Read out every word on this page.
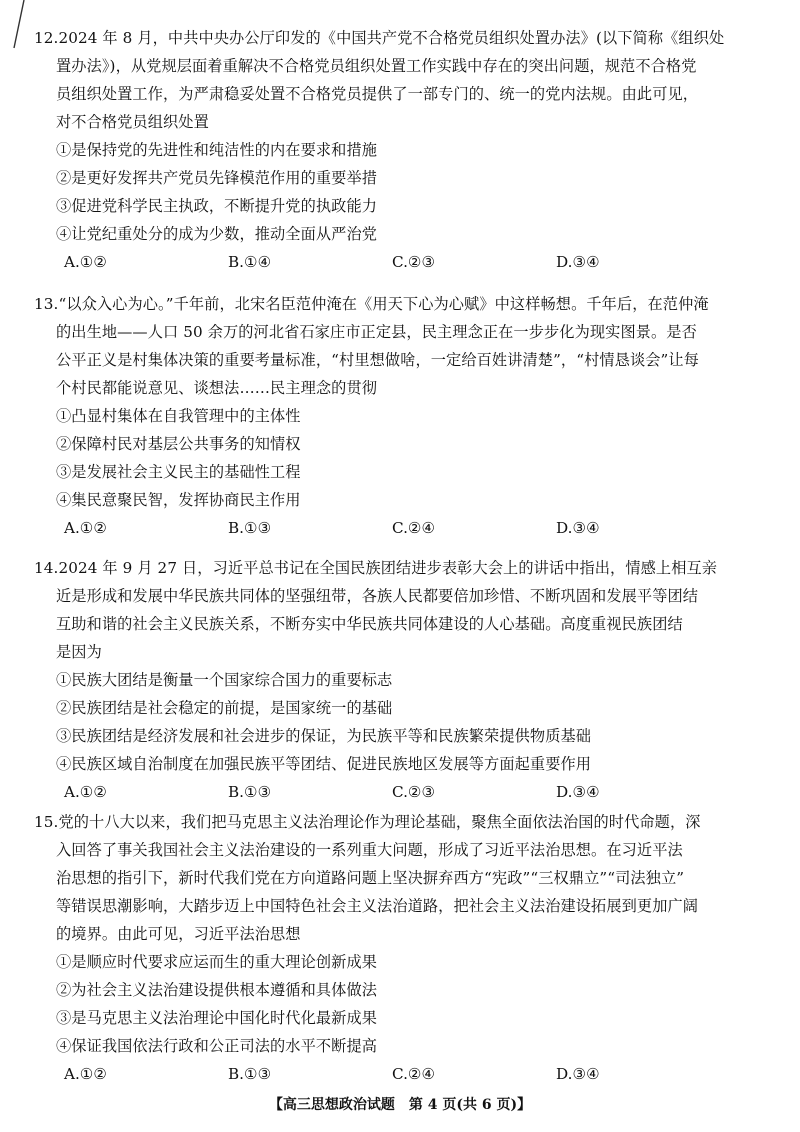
12.2024 年 8 月，中共中央办公厅印发的《中国共产党不合格党员组织处置办法》(以下简称《组织处
置办法》)，从党规层面着重解决不合格党员组织处置工作实践中存在的突出问题，规范不合格党
员组织处置工作，为严肃稳妥处置不合格党员提供了一部专门的、统一的党内法规。由此可见，
对不合格党员组织处置
①是保持党的先进性和纯洁性的内在要求和措施
②是更好发挥共产党员先锋模范作用的重要举措
③促进党科学民主执政，不断提升党的执政能力
④让党纪重处分的成为少数，推动全面从严治党
A.①②	B.①④	C.②③	D.③④
13.“以众入心为心。”千年前，北宋名臣范仲淹在《用天下心为心赋》中这样畅想。千年后，在范仲淹
的出生地——人口 50 余万的河北省石家庄市正定县，民主理念正在一步步化为现实图景。是否
公平正义是村集体决策的重要考量标准，“村里想做啥，一定给百姓讲清楚”，“村情恳谈会”让每
个村民都能说意见、谈想法……民主理念的贯彻
①凸显村集体在自我管理中的主体性
②保障村民对基层公共事务的知情权
③是发展社会主义民主的基础性工程
④集民意聚民智，发挥协商民主作用
A.①②	B.①③	C.②④	D.③④
14.2024 年 9 月 27 日，习近平总书记在全国民族团结进步表彰大会上的讲话中指出，情感上相互亲
近是形成和发展中华民族共同体的坚强纽带，各族人民都要倍加珍惜、不断巩固和发展平等团结
互助和谐的社会主义民族关系，不断夯实中华民族共同体建设的人心基础。高度重视民族团结
是因为
①民族大团结是衡量一个国家综合国力的重要标志
②民族团结是社会稳定的前提，是国家统一的基础
③民族团结是经济发展和社会进步的保证，为民族平等和民族繁荣提供物质基础
④民族区域自治制度在加强民族平等团结、促进民族地区发展等方面起重要作用
A.①②	B.①③	C.②③	D.③④
15.党的十八大以来，我们把马克思主义法治理论作为理论基础，聚焦全面依法治国的时代命题，深
入回答了事关我国社会主义法治建设的一系列重大问题，形成了习近平法治思想。在习近平法
治思想的指引下，新时代我们党在方向道路问题上坚决摒弃西方“宪政”“三权鼎立”“司法独立”
等错误思潮影响，大踏步迈上中国特色社会主义法治道路，把社会主义法治建设拓展到更加广阔
的境界。由此可见，习近平法治思想
①是顺应时代要求应运而生的重大理论创新成果
②为社会主义法治建设提供根本遵循和具体做法
③是马克思主义法治理论中国化时代化最新成果
④保证我国依法行政和公正司法的水平不断提高
A.①②	B.①③	C.②④	D.③④
【高三思想政治试题　第 4 页(共 6 页)】
